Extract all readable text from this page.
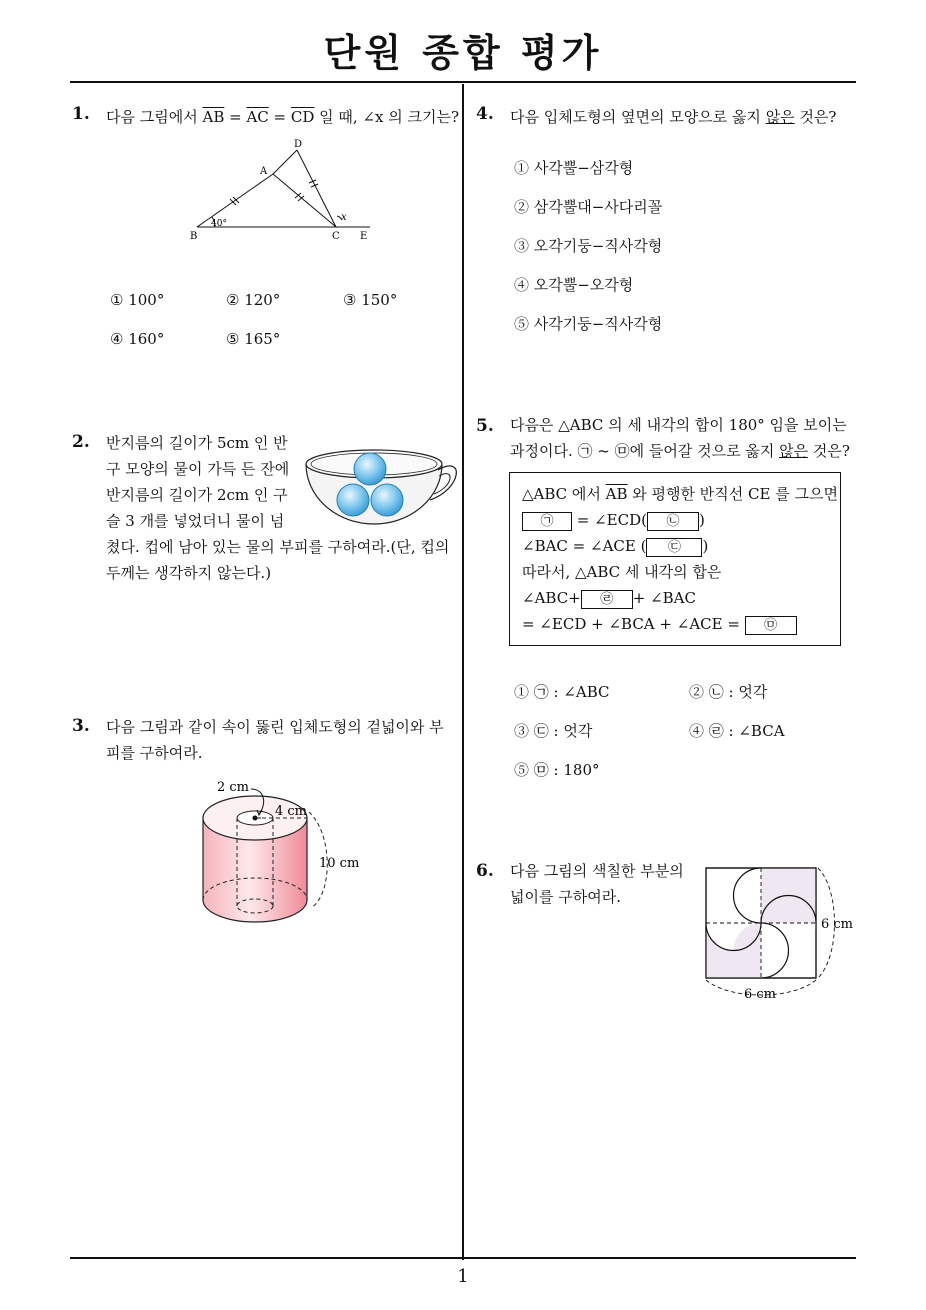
단원 종합 평가
1
1. 다음 그림에서 $\overline{AB} = \overline{AC} = \overline{CD}$ 일 때, ∠x 의 크기는?
D
A
B	C E
40°
x
① 100°	② 120°	③ 150°
④ 160°	⑤ 165°
2. 반지름의 길이가 5cm 인 반
구 모양의 물이 가득 든 잔에
반지름의 길이가 2cm 인 구
슬 3 개를 넣었더니 물이 넘
쳤다. 컵에 남아 있는 물의 부피를 구하여라.(단, 컵의
두께는 생각하지 않는다.)
3. 다음 그림과 같이 속이 뚫린 입체도형의 겉넓이와 부
피를 구하여라.
2 cm
4 cm
10 cm
4. 다음 입체도형의 옆면의 모양으로 옳지 않은 것은?
① 사각뿔−삼각형
② 삼각뿔대−사다리꼴
③ 오각기둥−직사각형
④ 오각뿔−오각형
⑤ 사각기둥−직사각형
5. 다음은 △ABC 의 세 내각의 합이 180° 임을 보이는
과정이다. ㉠ ~ ㉤에 들어갈 것으로 옳지 않은 것은?
△ABC 에서 $\overline{AB}$ 와 평행한 반직선 CE 를 그으면
㉠ = ∠ECD( ㉡ )
∠BAC = ∠ACE ( ㉢ )
따라서, △ABC 세 내각의 합은
∠ABC+ ㉣ + ∠BAC
= ∠ECD + ∠BCA + ∠ACE = ㉤
① ㉠ : ∠ABC	② ㉡ : 엇각
③ ㉢ : 엇각	④ ㉣ : ∠BCA
⑤ ㉤ : 180°
6. 다음 그림의 색칠한 부분의
넓이를 구하여라.
6 cm
6 cm
